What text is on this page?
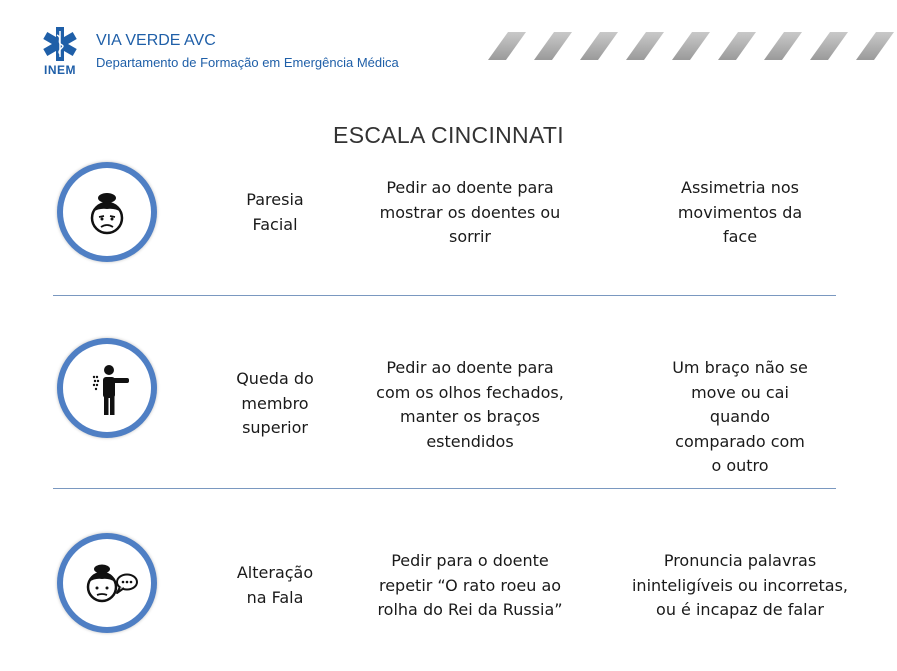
INEM
VIA VERDE AVC
Departamento de Formação em Emergência Médica
ESCALA CINCINNATI
Paresia
Facial
Pedir ao doente para
mostrar os doentes ou
sorrir
Assimetria nos
movimentos da
face
Queda do
membro
superior
Pedir ao doente para
com os olhos fechados,
manter os braços
estendidos
Um braço não se
move ou cai
quando
comparado com
o outro
Alteração
na Fala
Pedir para o doente
repetir “O rato roeu ao
rolha do Rei da Russia”
Pronuncia palavras
ininteligíveis ou incorretas,
ou é incapaz de falar
